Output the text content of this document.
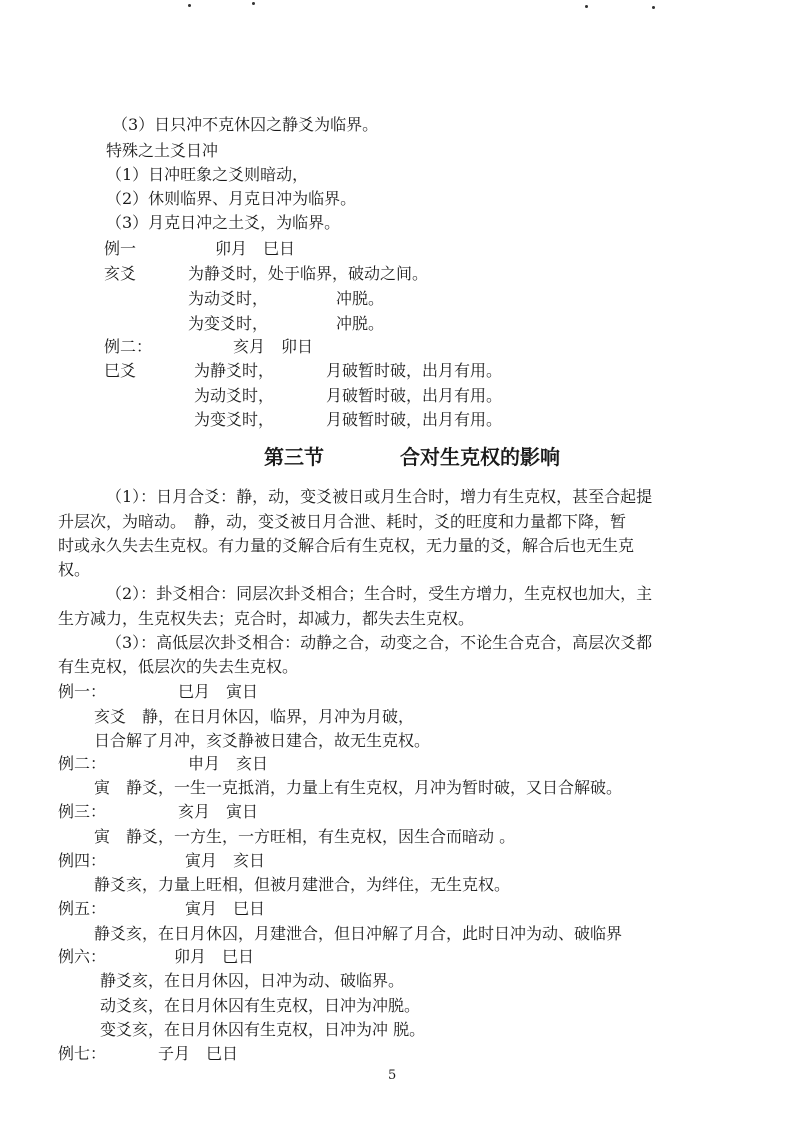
（3）日只冲不克休囚之静爻为临界。
特殊之土爻日冲
（1）日冲旺象之爻则暗动，
（2）休则临界、月克日冲为临界。
（3）月克日冲之土爻，为临界。
例一	卯月　巳日
亥爻	为静爻时，处于临界，破动之间。
为动爻时，	冲脱。
为变爻时，	冲脱。
例二：	亥月　卯日
巳爻	为静爻时，	月破暂时破，出月有用。
为动爻时，	月破暂时破，出月有用。
为变爻时，	月破暂时破，出月有用。
第三节	合对生克权的影响
（1）：日月合爻：静，动，变爻被日或月生合时，增力有生克权，甚至合起提
升层次，为暗动。　静，动，变爻被日月合泄、耗时，爻的旺度和力量都下降，暂
时或永久失去生克权。有力量的爻解合后有生克权，无力量的爻，解合后也无生克
权。
（2）：卦爻相合：同层次卦爻相合；生合时，受生方增力，生克权也加大，主
生方减力，生克权失去；克合时，却减力，都失去生克权。
（3）：高低层次卦爻相合：动静之合，动变之合，不论生合克合，高层次爻都
有生克权，低层次的失去生克权。
例一：	巳月　寅日
亥爻　静，在日月休囚，临界，月冲为月破，
日合解了月冲，亥爻静被日建合，故无生克权。
例二：	申月　亥日
寅　静爻，一生一克抵消，力量上有生克权，月冲为暂时破，又日合解破。
例三：	亥月　寅日
寅　静爻，一方生，一方旺相，有生克权，因生合而暗动 。
例四：	寅月　亥日
静爻亥，力量上旺相，但被月建泄合，为绊住，无生克权。
例五：	寅月　巳日
静爻亥，在日月休囚，月建泄合，但日冲解了月合，此时日冲为动、破临界
例六：	卯月　巳日
静爻亥，在日月休囚，日冲为动、破临界。
动爻亥，在日月休囚有生克权，日冲为冲脱。
变爻亥，在日月休囚有生克权，日冲为冲 脱。
例七：	子月　巳日
5
